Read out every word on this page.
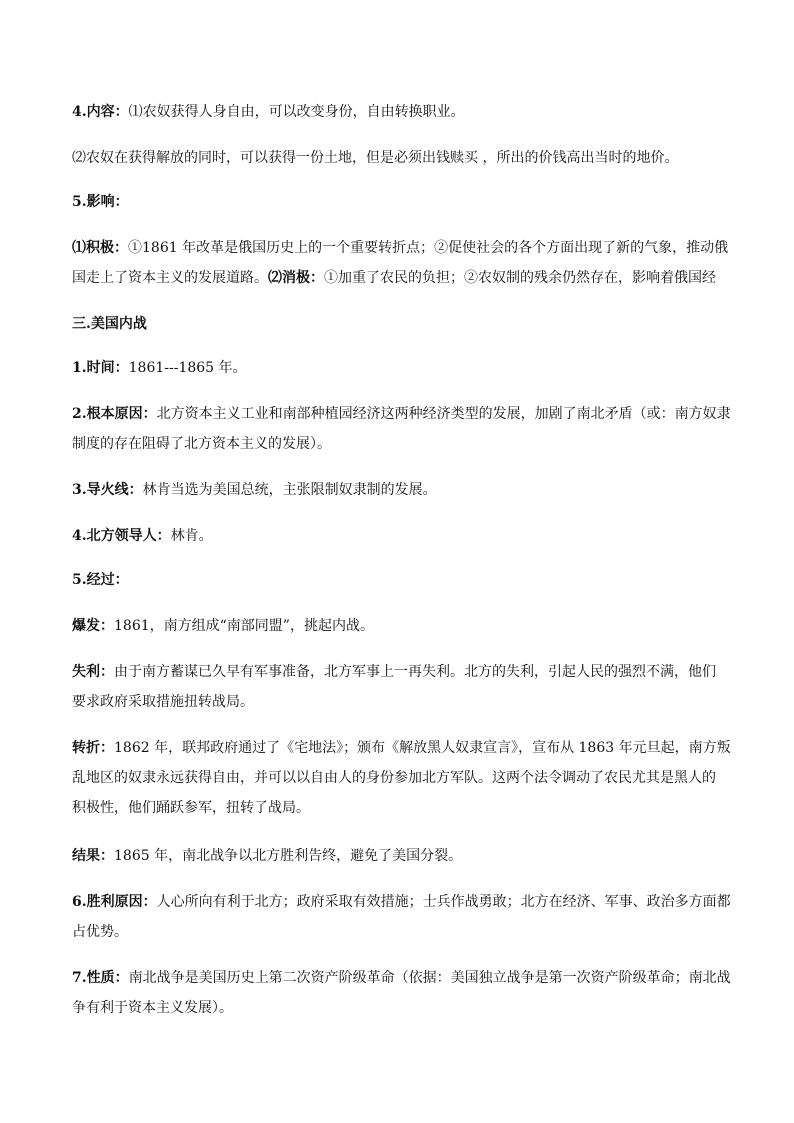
4.内容：⑴农奴获得人身自由，可以改变身份，自由转换职业。
⑵农奴在获得解放的同时，可以获得一份土地，但是必须出钱赎买 ，所出的价钱高出当时的地价。
5.影响：
⑴积极：①1861 年改革是俄国历史上的一个重要转折点；②促使社会的各个方面出现了新的气象，推动俄
国走上了资本主义的发展道路。⑵消极：①加重了农民的负担；②农奴制的残余仍然存在，影响着俄国经
三.美国内战
1.时间：1861---1865 年。
2.根本原因：北方资本主义工业和南部种植园经济这两种经济类型的发展，加剧了南北矛盾（或：南方奴隶
制度的存在阻碍了北方资本主义的发展）。
3.导火线：林肯当选为美国总统，主张限制奴隶制的发展。
4.北方领导人：林肯。
5.经过：
爆发：1861，南方组成“南部同盟”，挑起内战。
失利：由于南方蓄谋已久早有军事准备，北方军事上一再失利。北方的失利，引起人民的强烈不满，他们
要求政府采取措施扭转战局。
转折：1862 年，联邦政府通过了《宅地法》；颁布《解放黑人奴隶宣言》，宣布从 1863 年元旦起，南方叛
乱地区的奴隶永远获得自由，并可以以自由人的身份参加北方军队。这两个法令调动了农民尤其是黑人的
积极性，他们踊跃参军，扭转了战局。
结果：1865 年，南北战争以北方胜利告终，避免了美国分裂。
6.胜利原因：人心所向有利于北方；政府采取有效措施；士兵作战勇敢；北方在经济、军事、政治多方面都
占优势。
7.性质：南北战争是美国历史上第二次资产阶级革命（依据：美国独立战争是第一次资产阶级革命；南北战
争有利于资本主义发展）。
